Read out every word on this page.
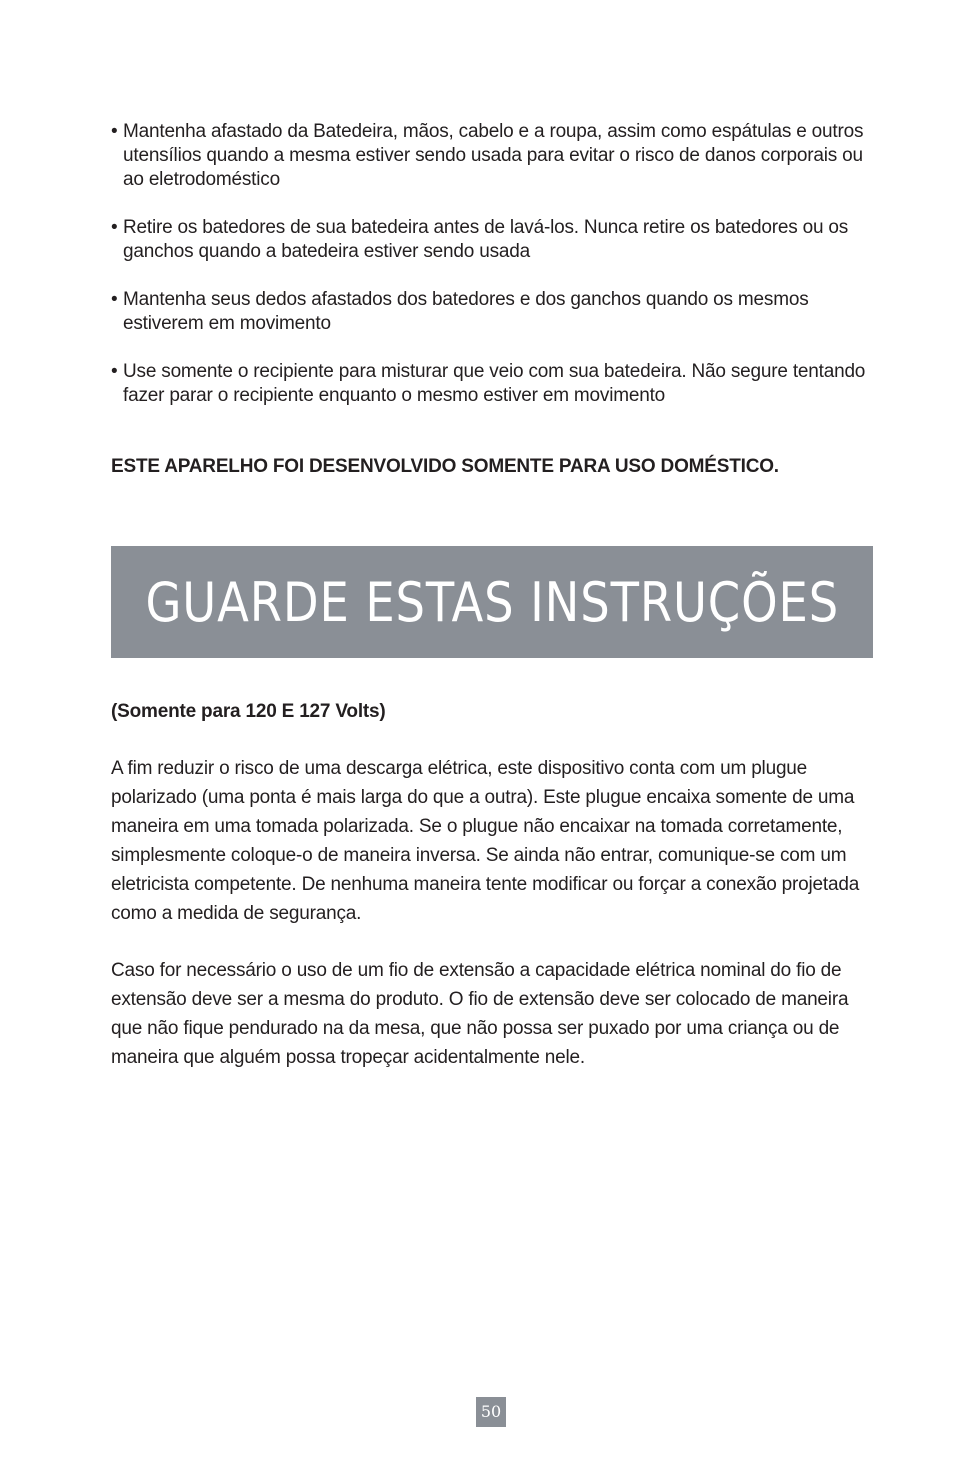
• Mantenha afastado da Batedeira, mãos, cabelo e a roupa, assim como espátulas e outros utensílios quando a mesma estiver sendo usada para evitar o risco de danos corporais ou ao eletrodoméstico
• Retire os batedores de sua batedeira antes de lavá-los. Nunca retire os batedores ou os ganchos quando a batedeira estiver sendo usada
• Mantenha seus dedos afastados dos batedores e dos ganchos quando os mesmos estiverem em movimento
• Use somente o recipiente para misturar que veio com sua batedeira. Não segure tentando fazer parar o recipiente enquanto o mesmo estiver em movimento

ESTE APARELHO FOI DESENVOLVIDO SOMENTE PARA USO DOMÉSTICO.

GUARDE ESTAS INSTRUÇÕES

(Somente para 120 E 127 Volts)

A fim reduzir o risco de uma descarga elétrica, este dispositivo conta com um plugue polarizado (uma ponta é mais larga do que a outra). Este plugue encaixa somente de uma maneira em uma tomada polarizada. Se o plugue não encaixar na tomada corretamente, simplesmente coloque-o de maneira inversa. Se ainda não entrar, comunique-se com um eletricista competente. De nenhuma maneira tente modificar ou forçar a conexão projetada como a medida de segurança.

Caso for necessário o uso de um fio de extensão a capacidade elétrica nominal do fio de extensão deve ser a mesma do produto. O fio de extensão deve ser colocado de maneira que não fique pendurado na da mesa, que não possa ser puxado por uma criança ou de maneira que alguém possa tropeçar acidentalmente nele.

50
